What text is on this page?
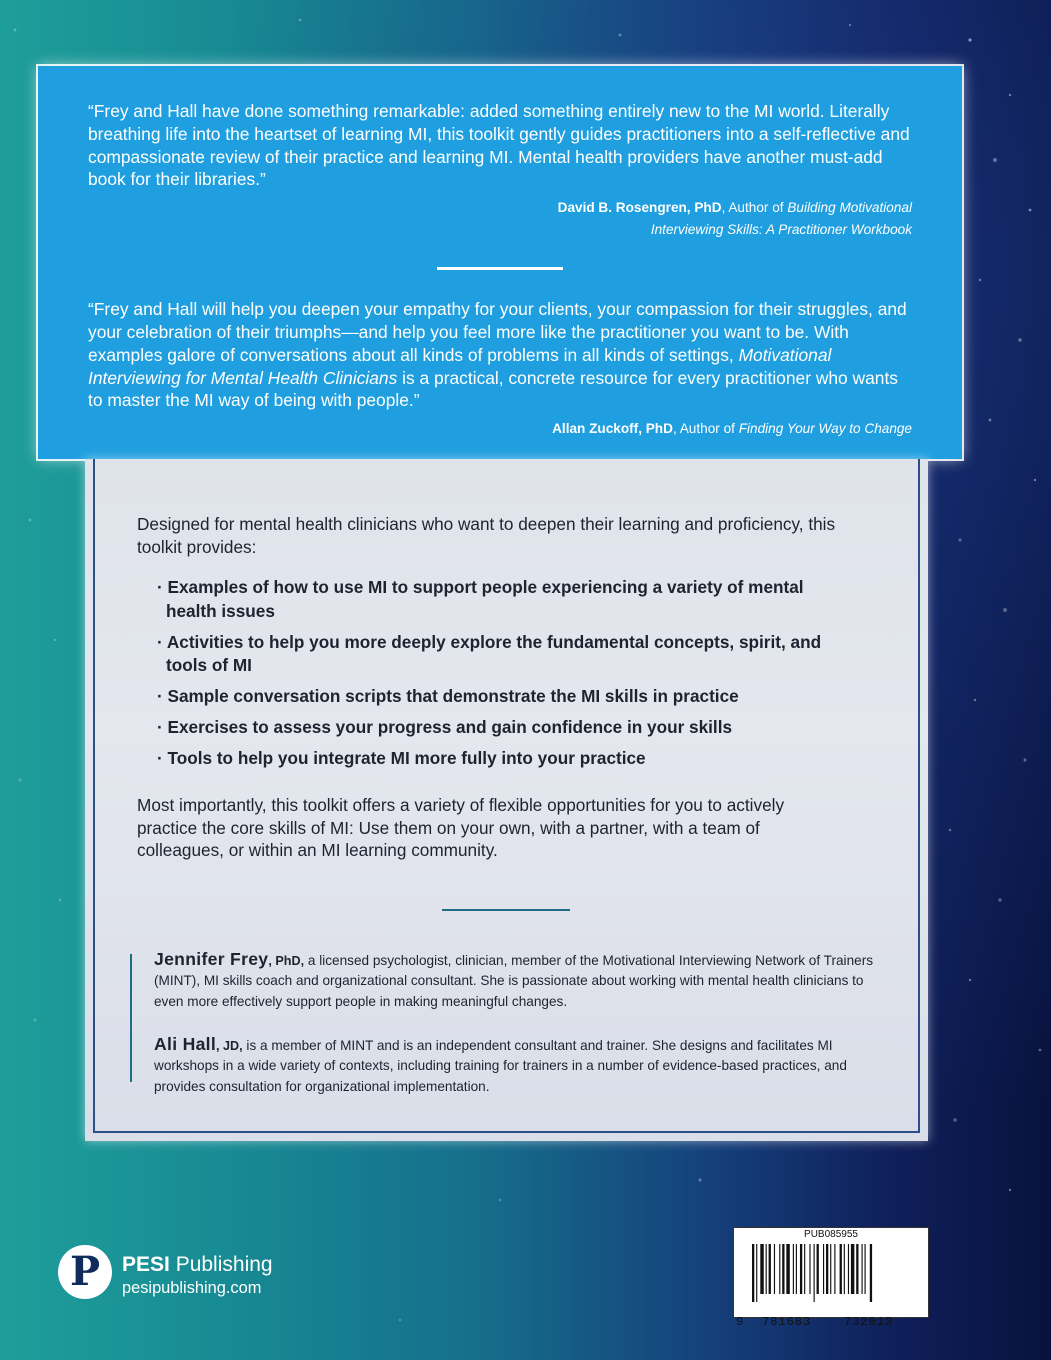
“Frey and Hall have done something remarkable: added something entirely new to the MI world. Literally breathing life into the heartset of learning MI, this toolkit gently guides practitioners into a self-reflective and compassionate review of their practice and learning MI. Mental health providers have another must-add book for their libraries.”

David B. Rosengren, PhD, Author of Building Motivational
Interviewing Skills: A Practitioner Workbook

“Frey and Hall will help you deepen your empathy for your clients, your compassion for their struggles, and your celebration of their triumphs—and help you feel more like the practitioner you want to be. With examples galore of conversations about all kinds of problems in all kinds of settings, Motivational Interviewing for Mental Health Clinicians is a practical, concrete resource for every practitioner who wants to master the MI way of being with people.”

Allan Zuckoff, PhD, Author of Finding Your Way to Change

Designed for mental health clinicians who want to deepen their learning and proficiency, this toolkit provides:

· Examples of how to use MI to support people experiencing a variety of mental health issues
· Activities to help you more deeply explore the fundamental concepts, spirit, and tools of MI
· Sample conversation scripts that demonstrate the MI skills in practice
· Exercises to assess your progress and gain confidence in your skills
· Tools to help you integrate MI more fully into your practice

Most importantly, this toolkit offers a variety of flexible opportunities for you to actively practice the core skills of MI: Use them on your own, with a partner, with a team of colleagues, or within an MI learning community.

Jennifer Frey, PhD, a licensed psychologist, clinician, member of the Motivational Interviewing Network of Trainers (MINT), MI skills coach and organizational consultant. She is passionate about working with mental health clinicians to even more effectively support people in making meaningful changes.

Ali Hall, JD, is a member of MINT and is an independent consultant and trainer. She designs and facilitates MI workshops in a wide variety of contexts, including training for trainers in a number of evidence-based practices, and provides consultation for organizational implementation.

P	PESI Publishing
pesipublishing.com
PUB085955
9 781683	732013
